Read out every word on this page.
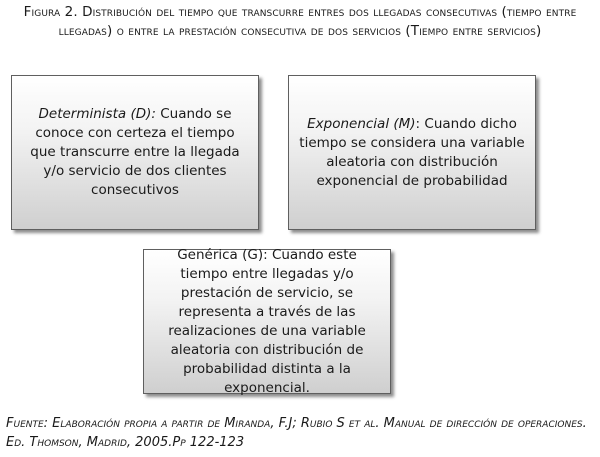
Figura 2. Distribución del tiempo que transcurre entres dos llegadas consecutivas (tiempo entre llegadas) o entre la prestación consecutiva de dos servicios (Tiempo entre servicios)

Determinista (D): Cuando se conoce con certeza el tiempo que transcurre entre la llegada y/o servicio de dos clientes consecutivos

Exponencial (M): Cuando dicho tiempo se considera una variable aleatoria con distribución exponencial de probabilidad

Genérica (G): Cuando este tiempo entre llegadas y/o prestación de servicio, se representa a través de las realizaciones de una variable aleatoria con distribución de probabilidad distinta a la exponencial.

Fuente: Elaboración propia a partir de Miranda, F.J; Rubio S et al. Manual de dirección de operaciones. Ed. Thomson, Madrid, 2005.Pp 122-123
